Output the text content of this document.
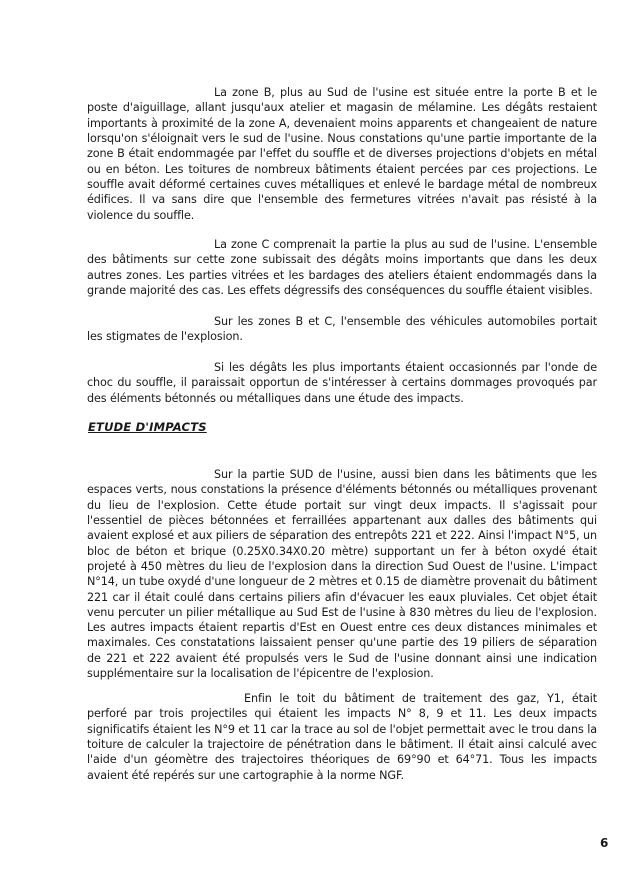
La zone B, plus au Sud de l'usine est située entre la porte B et le poste d'aiguillage, allant jusqu'aux atelier et magasin de mélamine. Les dégâts restaient importants à proximité de la zone A, devenaient moins apparents et changeaient de nature lorsqu'on s'éloignait vers le sud de l'usine. Nous constations qu'une partie importante de la zone B était endommagée par l'effet du souffle et de diverses projections d'objets en métal ou en béton. Les toitures de nombreux bâtiments étaient percées par ces projections. Le souffle avait déformé certaines cuves métalliques et enlevé le bardage métal de nombreux édifices. Il va sans dire que l'ensemble des fermetures vitrées n'avait pas résisté à la violence du souffle.

La zone C comprenait la partie la plus au sud de l'usine. L'ensemble des bâtiments sur cette zone subissait des dégâts moins importants que dans les deux autres zones. Les parties vitrées et les bardages des ateliers étaient endommagés dans la grande majorité des cas. Les effets dégressifs des conséquences du souffle étaient visibles.

Sur les zones B et C, l'ensemble des véhicules automobiles portait les stigmates de l'explosion.

Si les dégâts les plus importants étaient occasionnés par l'onde de choc du souffle, il paraissait opportun de s'intéresser à certains dommages provoqués par des éléments bétonnés ou métalliques dans une étude des impacts.

ETUDE D'IMPACTS

Sur la partie SUD de l'usine, aussi bien dans les bâtiments que les espaces verts, nous constations la présence d'éléments bétonnés ou métalliques provenant du lieu de l'explosion. Cette étude portait sur vingt deux impacts. Il s'agissait pour l'essentiel de pièces bétonnées et ferraillées appartenant aux dalles des bâtiments qui avaient explosé et aux piliers de séparation des entrepôts 221 et 222. Ainsi l'impact N°5, un bloc de béton et brique (0.25X0.34X0.20 mètre) supportant un fer à béton oxydé était projeté à 450 mètres du lieu de l'explosion dans la direction Sud Ouest de l'usine. L'impact N°14, un tube oxydé d'une longueur de 2 mètres et 0.15 de diamètre provenait du bâtiment 221 car il était coulé dans certains piliers afin d'évacuer les eaux pluviales. Cet objet était venu percuter un pilier métallique au Sud Est de l'usine à 830 mètres du lieu de l'explosion. Les autres impacts étaient repartis d'Est en Ouest entre ces deux distances minimales et maximales. Ces constatations laissaient penser qu'une partie des 19 piliers de séparation de 221 et 222 avaient été propulsés vers le Sud de l'usine donnant ainsi une indication supplémentaire sur la localisation de l'épicentre de l'explosion.

Enfin le toit du bâtiment de traitement des gaz, Y1, était perforé par trois projectiles qui étaient les impacts N° 8, 9 et 11. Les deux impacts significatifs étaient les N°9 et 11 car la trace au sol de l'objet permettait avec le trou dans la toiture de calculer la trajectoire de pénétration dans le bâtiment. Il était ainsi calculé avec l'aide d'un géomètre des trajectoires théoriques de 69°90 et 64°71. Tous les impacts avaient été repérés sur une cartographie à la norme NGF.

6
